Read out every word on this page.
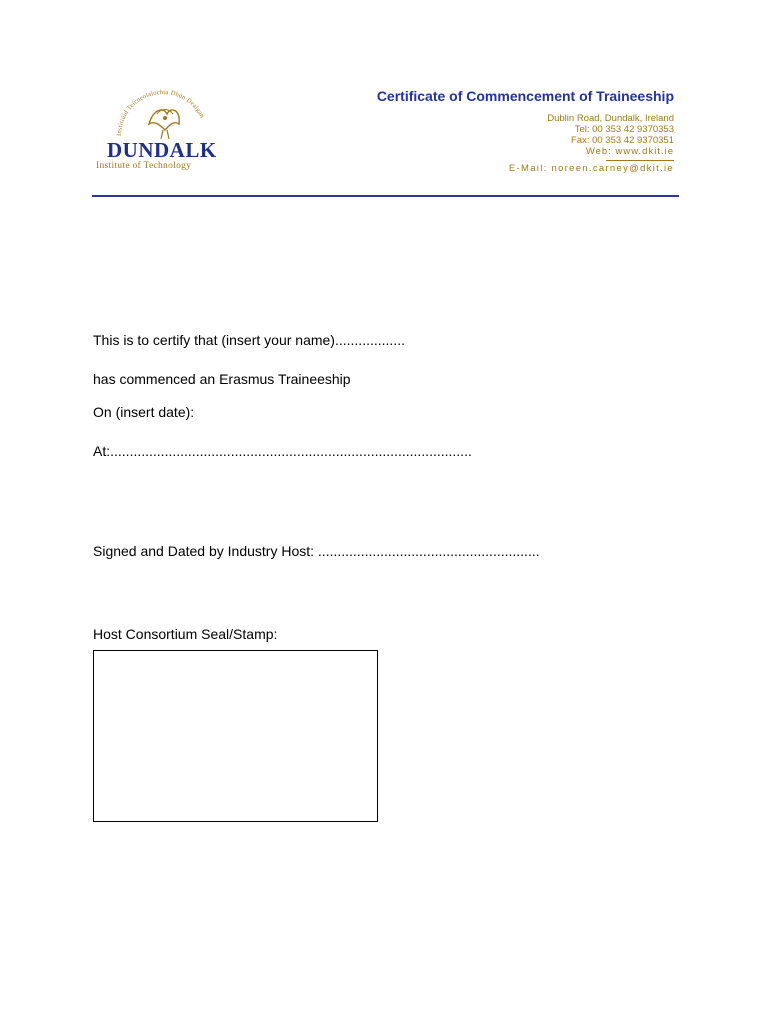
Institiúid Teicneolaíochta Dhún Dealgan
DUNDALK
Institute of Technology
Certificate of Commencement of Traineeship
Dublin Road, Dundalk, Ireland
Tel: 00 353 42 9370353
Fax: 00 353 42 9370351
Web: www.dkit.ie
E-Mail: noreen.carney@dkit.ie
This is to certify that (insert your name)..................
has commenced an Erasmus Traineeship
On (insert date):
At:.............................................................................................
Signed and Dated by Industry Host: .........................................................
Host Consortium Seal/Stamp:
